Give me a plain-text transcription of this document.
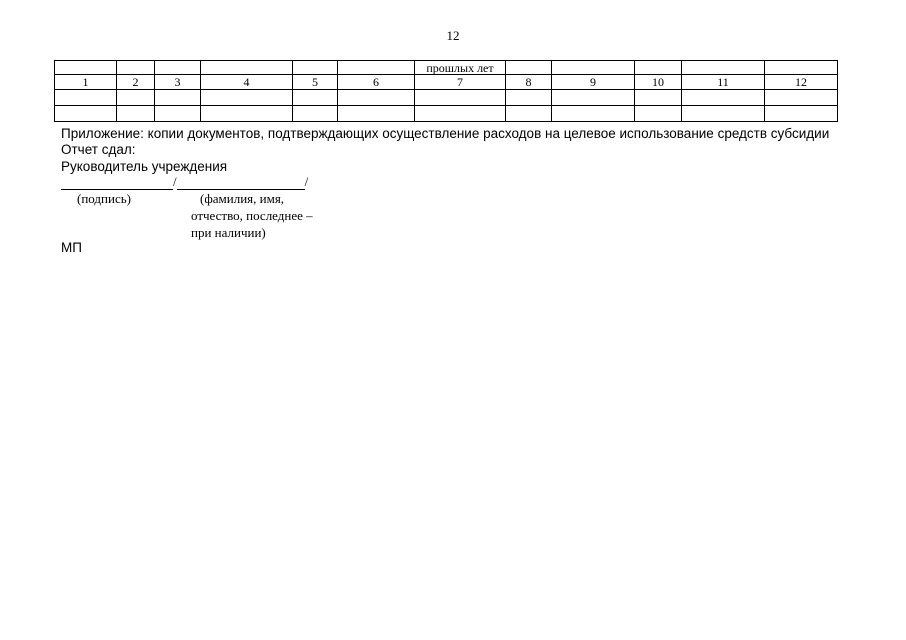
12
						прошлых лет					
1	2	3	4	5	6	7	8	9	10	11	12

Приложение: копии документов, подтверждающих осуществление расходов на целевое использование средств субсидии
Отчет сдал:
Руководитель учреждения
/	/
(подпись)	(фамилия, имя,
отчество, последнее –
при наличии)
МП
